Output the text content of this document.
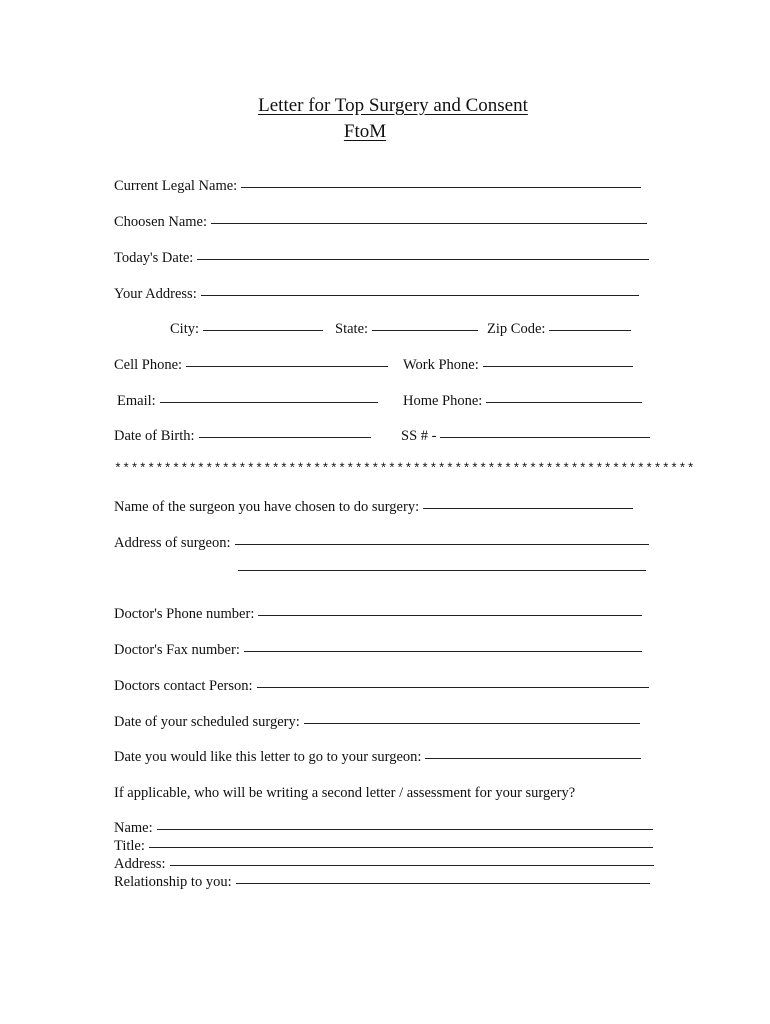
Letter for Top Surgery and Consent
FtoM
Current Legal Name:
Choosen Name:
Today's Date:
Your Address:
City:	State:	Zip Code:
Cell Phone:	Work Phone:
Email:	Home Phone:
Date of Birth:	SS # -
**********************************************************************
Name of the surgeon you have chosen to do surgery:
Address of surgeon:
Doctor's Phone number:
Doctor's Fax number:
Doctors contact Person:
Date of your scheduled surgery:
Date you would like this letter to go to your surgeon:
If applicable, who will be writing a second letter / assessment for your surgery?
Name:
Title:
Address:
Relationship to you:
